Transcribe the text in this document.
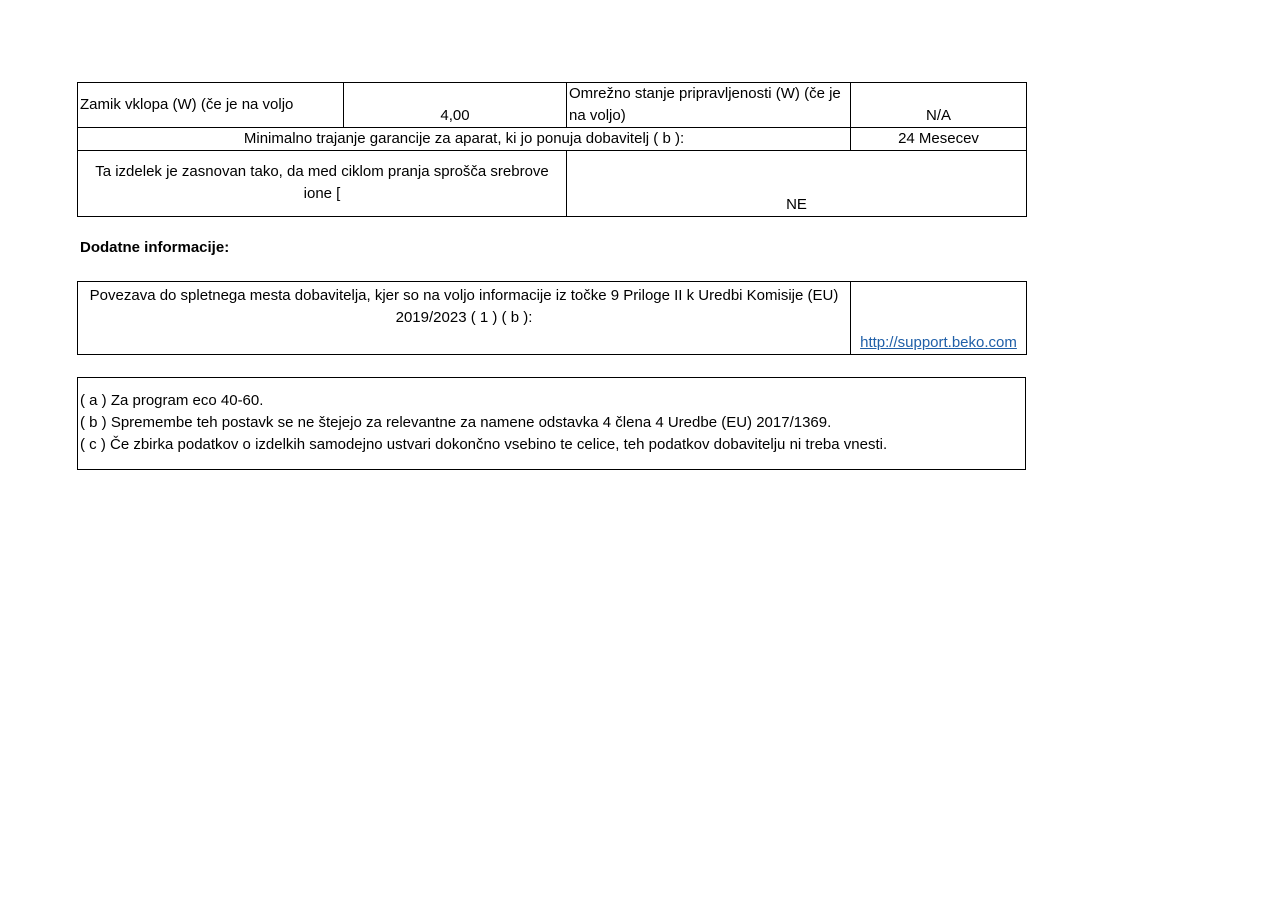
Zamik vklopa (W) (če je na voljo	4,00	Omrežno stanje pripravljenosti (W) (če je na voljo)	N/A
Minimalno trajanje garancije za aparat, ki jo ponuja dobavitelj ( b ):			24 Mesecev
Ta izdelek je zasnovan tako, da med ciklom pranja sprošča srebrove ione [		NE	
Dodatne informacije:
Povezava do spletnega mesta dobavitelja, kjer so na voljo informacije iz točke 9 Priloge II k Uredbi Komisije (EU) 2019/2023 ( 1 ) ( b ):	http://support.beko.com
( a ) Za program eco 40-60.
( b ) Spremembe teh postavk se ne štejejo za relevantne za namene odstavka 4 člena 4 Uredbe (EU) 2017/1369.
( c ) Če zbirka podatkov o izdelkih samodejno ustvari dokončno vsebino te celice, teh podatkov dobavitelju ni treba vnesti.
